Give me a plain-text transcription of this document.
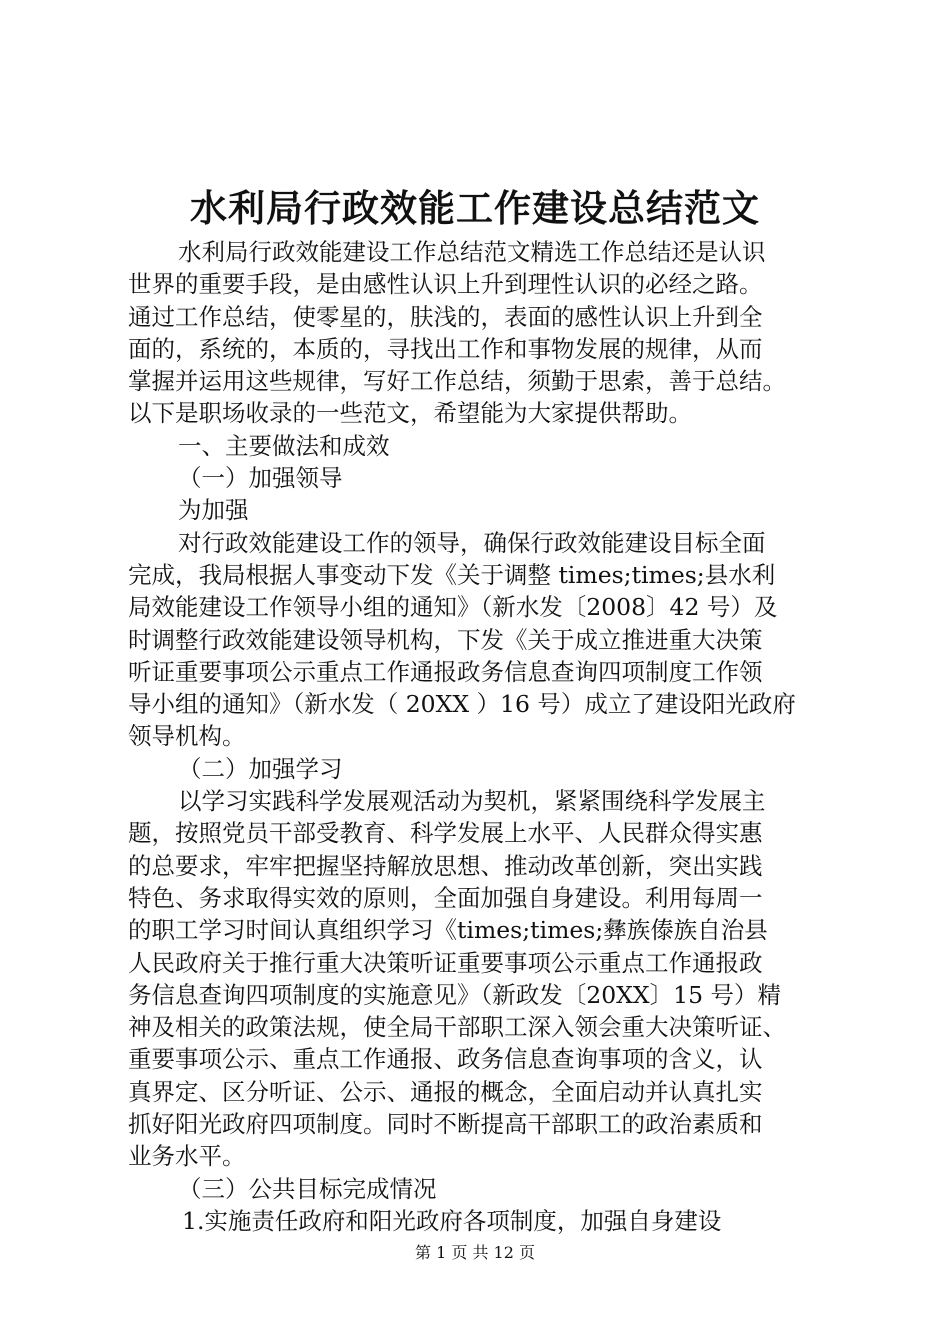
水利局行政效能工作建设总结范文
水利局行政效能建设工作总结范文精选工作总结还是认识
世界的重要手段，是由感性认识上升到理性认识的必经之路。
通过工作总结，使零星的，肤浅的，表面的感性认识上升到全
面的，系统的，本质的，寻找出工作和事物发展的规律，从而
掌握并运用这些规律，写好工作总结，须勤于思索，善于总结。
以下是职场收录的一些范文，希望能为大家提供帮助。
一、主要做法和成效
（一）加强领导
为加强
对行政效能建设工作的领导，确保行政效能建设目标全面
完成，我局根据人事变动下发《关于调整 times;times;县水利
局效能建设工作领导小组的通知》（新水发〔2008〕42 号）及
时调整行政效能建设领导机构，下发《关于成立推进重大决策
听证重要事项公示重点工作通报政务信息查询四项制度工作领
导小组的通知》（新水发（ 20XX ）16 号）成立了建设阳光政府
领导机构。
（二）加强学习
以学习实践科学发展观活动为契机，紧紧围绕科学发展主
题，按照党员干部受教育、科学发展上水平、人民群众得实惠
的总要求，牢牢把握坚持解放思想、推动改革创新，突出实践
特色、务求取得实效的原则，全面加强自身建设。利用每周一
的职工学习时间认真组织学习《times;times;彝族傣族自治县
人民政府关于推行重大决策听证重要事项公示重点工作通报政
务信息查询四项制度的实施意见》（新政发〔20XX〕15 号）精
神及相关的政策法规，使全局干部职工深入领会重大决策听证、
重要事项公示、重点工作通报、政务信息查询事项的含义，认
真界定、区分听证、公示、通报的概念，全面启动并认真扎实
抓好阳光政府四项制度。同时不断提高干部职工的政治素质和
业务水平。
（三）公共目标完成情况
1.实施责任政府和阳光政府各项制度，加强自身建设
第 1 页 共 12 页
